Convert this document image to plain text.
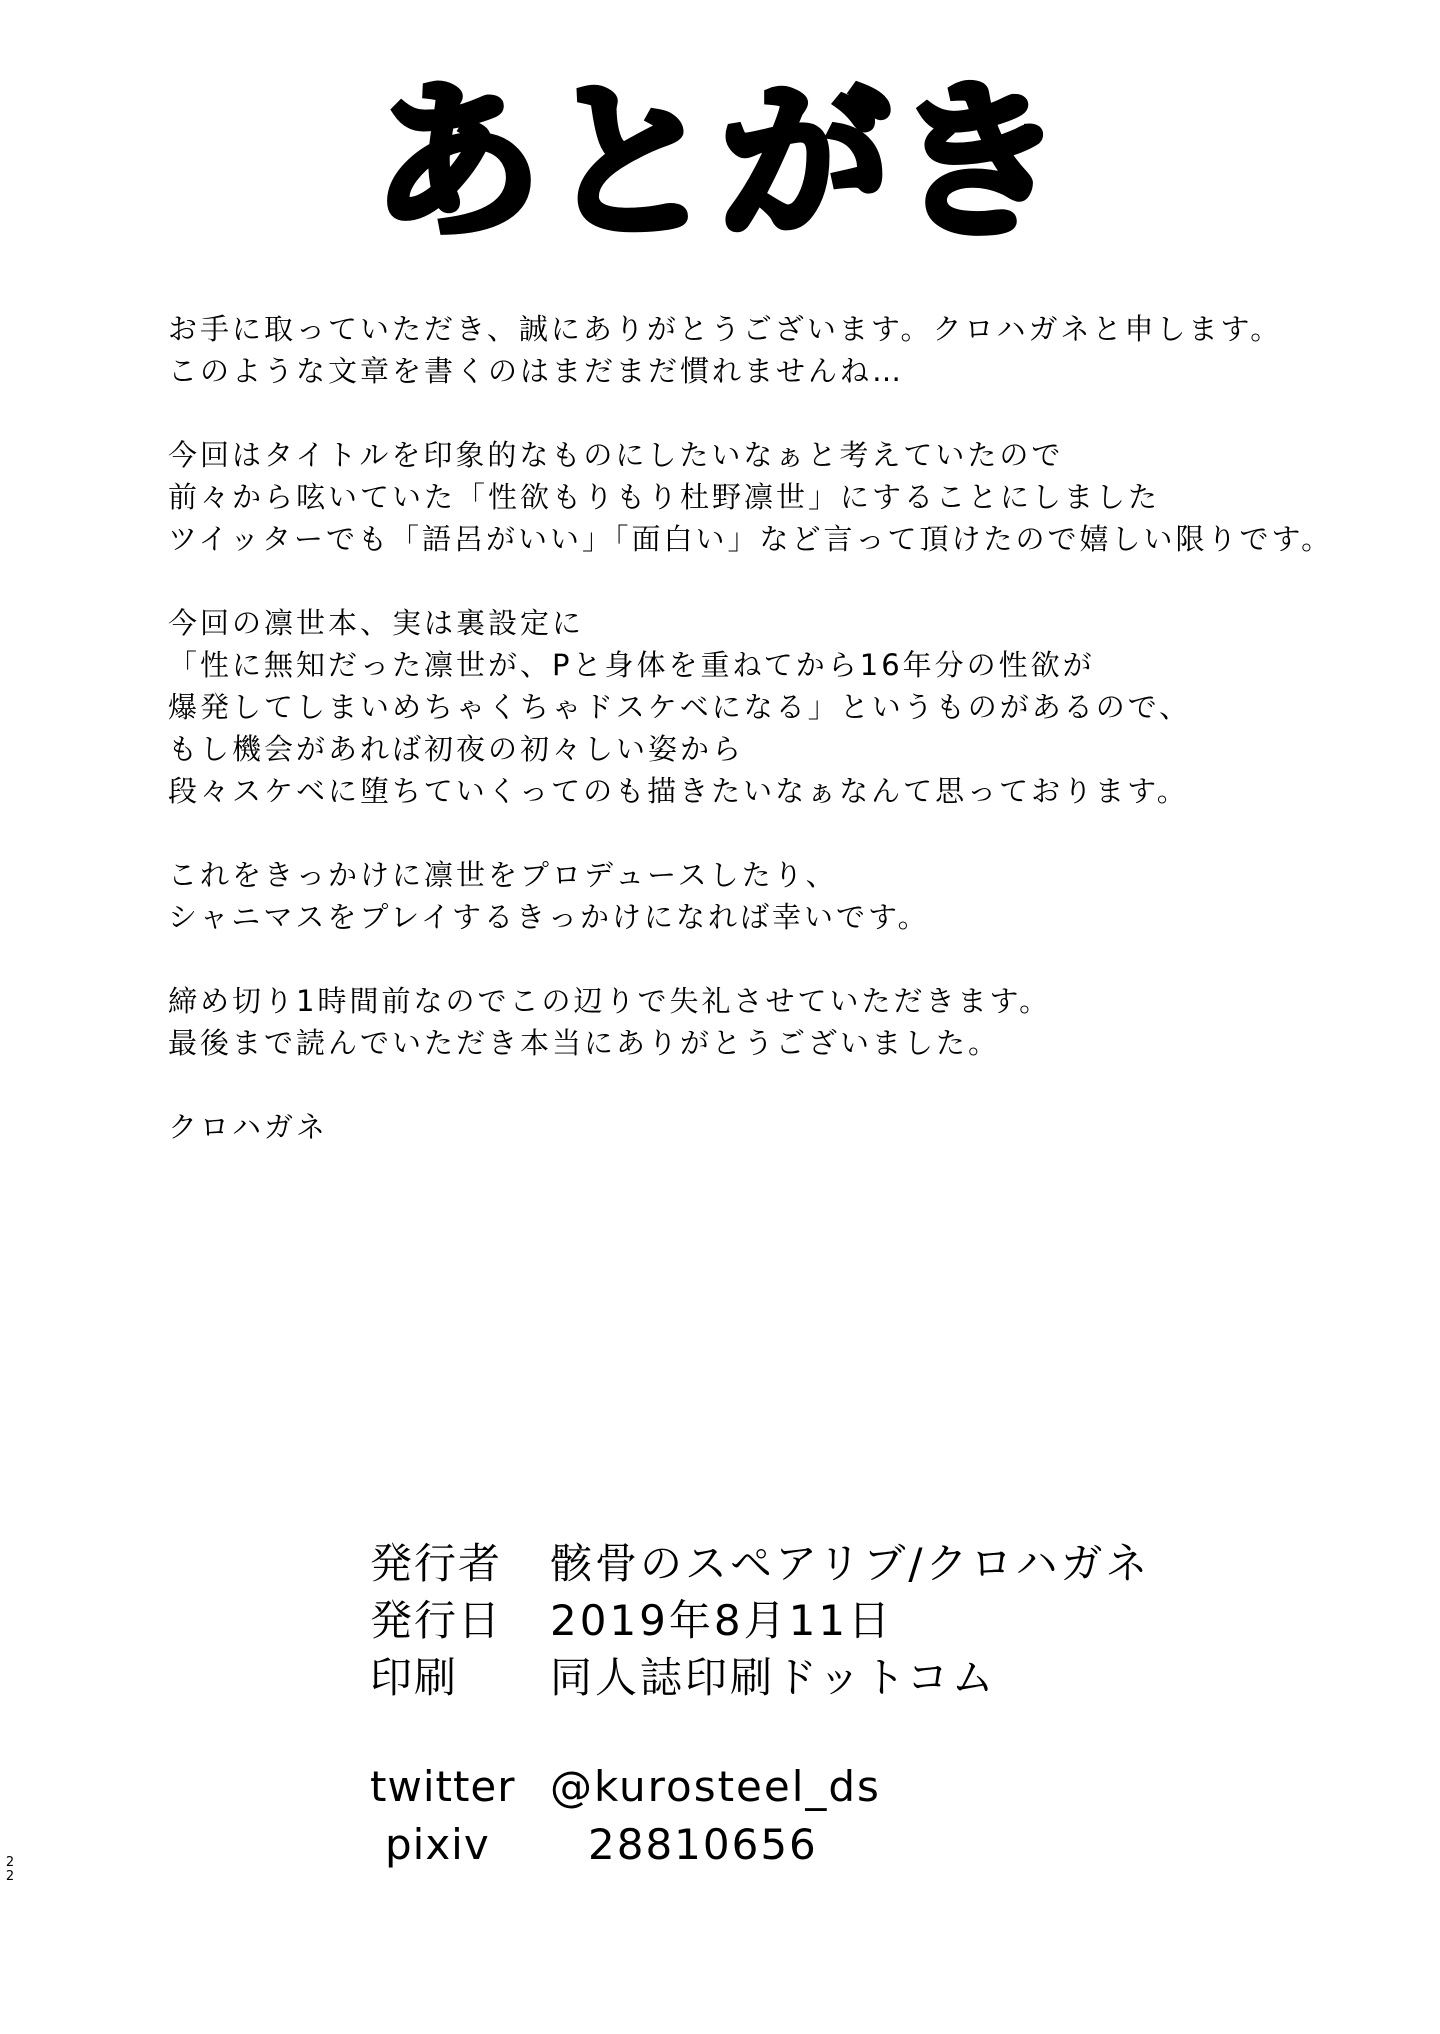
あとがき
お手に取っていただき、誠にありがとうございます。クロハガネと申します。
このような文章を書くのはまだまだ慣れませんね…
今回はタイトルを印象的なものにしたいなぁと考えていたので
前々から呟いていた「性欲もりもり杜野凛世」にすることにしました
ツイッターでも「語呂がいい」「面白い」など言って頂けたので嬉しい限りです。
今回の凛世本、実は裏設定に
「性に無知だった凛世が、Pと身体を重ねてから16年分の性欲が
爆発してしまいめちゃくちゃドスケベになる」というものがあるので、
もし機会があれば初夜の初々しい姿から
段々スケベに堕ちていくってのも描きたいなぁなんて思っております。
これをきっかけに凛世をプロデュースしたり、
シャニマスをプレイするきっかけになれば幸いです。
締め切り1時間前なのでこの辺りで失礼させていただきます。
最後まで読んでいただき本当にありがとうございました。
クロハガネ
発行者 骸骨のスペアリブ/クロハガネ
発行日 2019年8月11日
印刷 同人誌印刷ドットコム
twitter @kurosteel_ds
pixiv 28810656
22
